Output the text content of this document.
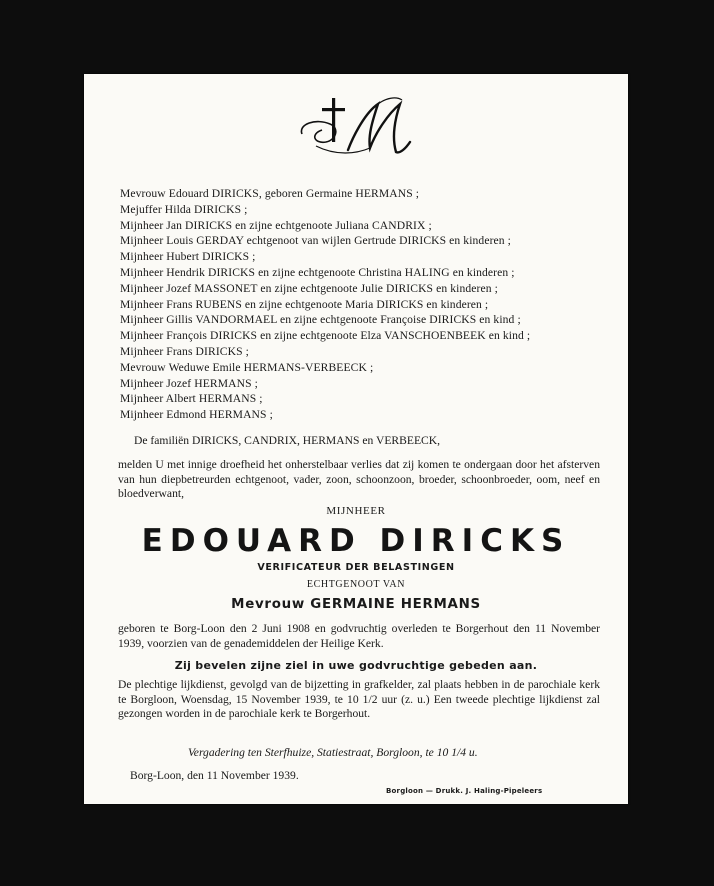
Mevrouw Edouard DIRICKS, geboren Germaine HERMANS ;
Mejuffer Hilda DIRICKS ;
Mijnheer Jan DIRICKS en zijne echtgenoote Juliana CANDRIX ;
Mijnheer Louis GERDAY echtgenoot van wijlen Gertrude DIRICKS en kinderen ;
Mijnheer Hubert DIRICKS ;
Mijnheer Hendrik DIRICKS en zijne echtgenoote Christina HALING en kinderen ;
Mijnheer Jozef MASSONET en zijne echtgenoote Julie DIRICKS en kinderen ;
Mijnheer Frans RUBENS en zijne echtgenoote Maria DIRICKS en kinderen ;
Mijnheer Gillis VANDORMAEL en zijne echtgenoote Françoise DIRICKS en kind ;
Mijnheer François DIRICKS en zijne echtgenoote Elza VANSCHOENBEEK en kind ;
Mijnheer Frans DIRICKS ;
Mevrouw Weduwe Emile HERMANS-VERBEECK ;
Mijnheer Jozef HERMANS ;
Mijnheer Albert HERMANS ;
Mijnheer Edmond HERMANS ;
De familiën DIRICKS, CANDRIX, HERMANS en VERBEECK,
melden U met innige droefheid het onherstelbaar verlies dat zij komen te ondergaan door het afsterven van hun diepbetreurden echtgenoot, vader, zoon, schoonzoon, broeder, schoonbroeder, oom, neef en bloedverwant,
MIJNHEER
EDOUARD DIRICKS
VERIFICATEUR DER BELASTINGEN
ECHTGENOOT VAN
Mevrouw GERMAINE HERMANS
geboren te Borg-Loon den 2 Juni 1908 en godvruchtig overleden te Borgerhout den 11 November 1939, voorzien van de genademiddelen der Heilige Kerk.
Zij bevelen zijne ziel in uwe godvruchtige gebeden aan.
De plechtige lijkdienst, gevolgd van de bijzetting in grafkelder, zal plaats hebben in de parochiale kerk te Borgloon, Woensdag, 15 November 1939, te 10 1/2 uur (z. u.) Een tweede plechtige lijkdienst zal gezongen worden in de parochiale kerk te Borgerhout.
Vergadering ten Sterfhuize, Statiestraat, Borgloon, te 10 1/4 u.
Borg-Loon, den 11 November 1939.
Borgloon — Drukk. J. Haling-Pipeleers
